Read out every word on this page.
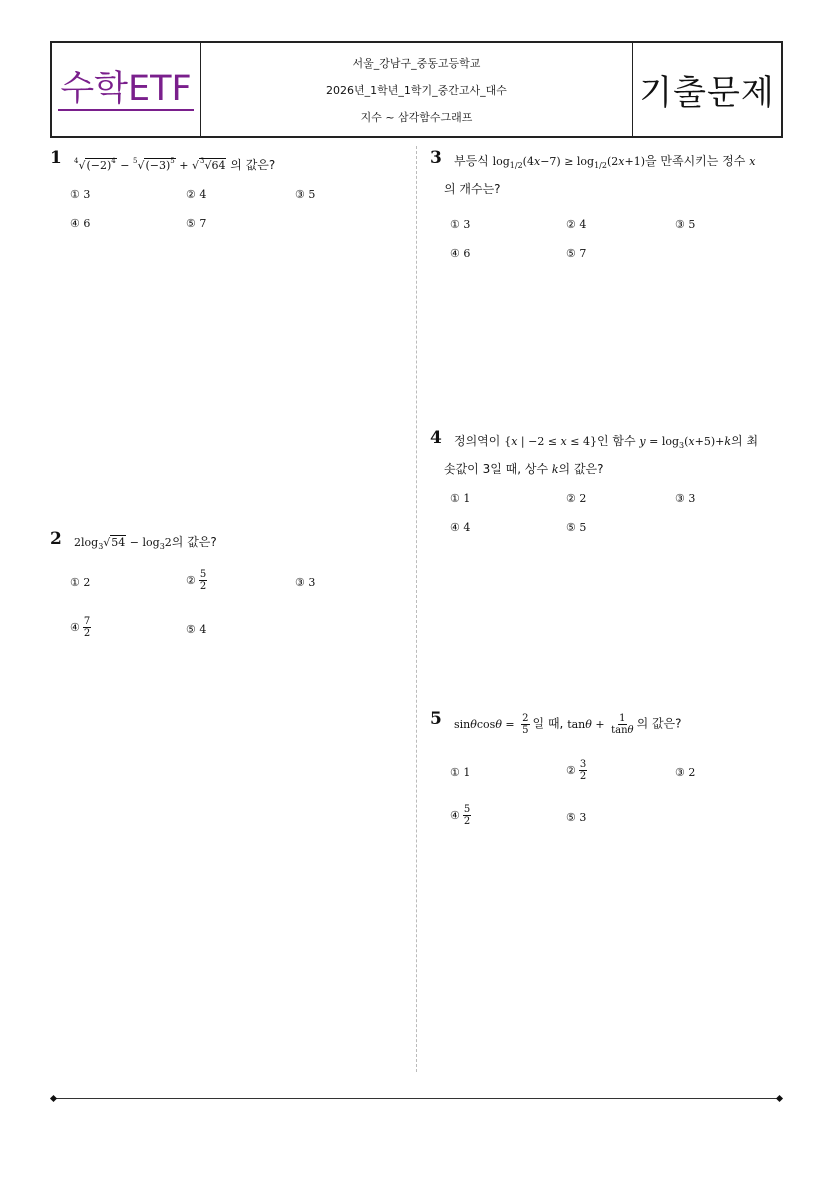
수학ETF
서울_강남구_중동고등학교
2026년_1학년_1학기_중간고사_대수
지수 ~ 삼각함수그래프
기출문제
1 $^4√(-2)^4 - ^5√(-3)^5 + √^3√64$ 의 값은?
① 3	② 4	③ 5
④ 6	⑤ 7
2 $2\log_3√54 - \log_32$의 값은?
① 2	② $\frac{5}{2}$	③ 3
④ $\frac{7}{2}$	⑤ 4
3 부등식 $\log_{1/2}(4x-7) \ge \log_{1/2}(2x+1)$을 만족시키는 정수 x
의 개수는?
① 3	② 4	③ 5
④ 6	⑤ 7
4 정의역이 {x | −2 ≤ x ≤ 4}인 함수 $y = \log_3(x+5)+k$의 최
솟값이 3일 때, 상수 k의 값은?
① 1	② 2	③ 3
④ 4	⑤ 5
5 $\sin\theta\cos\theta = \frac{2}{5}$ 일 때, $\tan\theta + \frac{1}{\tan\theta}$ 의 값은?
① 1	② $\frac{3}{2}$	③ 2
④ $\frac{5}{2}$	⑤ 3
